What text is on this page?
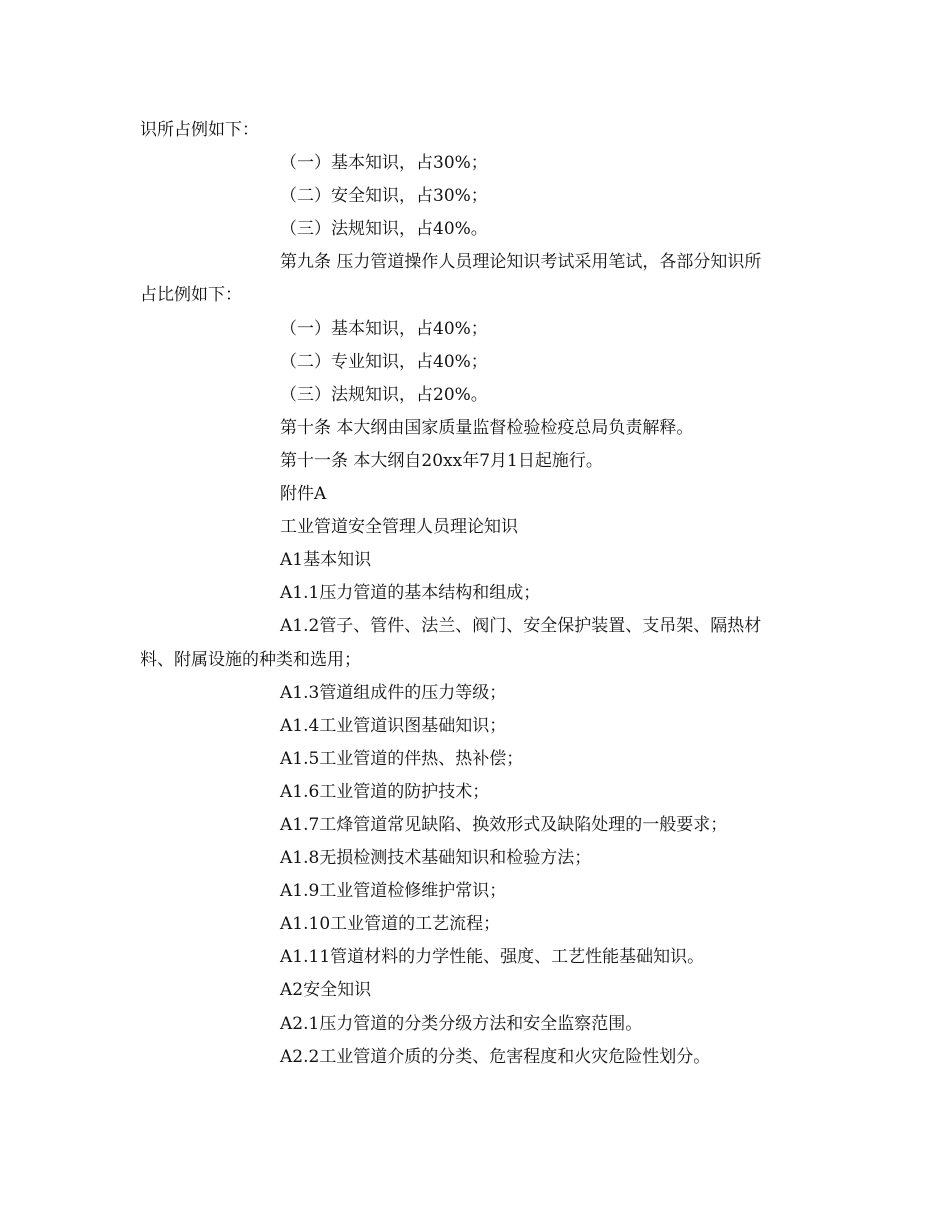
识所占例如下：
（一）基本知识，占30%；
（二）安全知识，占30%；
（三）法规知识，占40%。
第九条 压力管道操作人员理论知识考试采用笔试，各部分知识所
占比例如下：
（一）基本知识，占40%；
（二）专业知识，占40%；
（三）法规知识，占20%。
第十条 本大纲由国家质量监督检验检疫总局负责解释。
第十一条 本大纲自20xx年7月1日起施行。
附件A
工业管道安全管理人员理论知识
A1基本知识
A1.1压力管道的基本结构和组成；
A1.2管子、管件、法兰、阀门、安全保护装置、支吊架、隔热材
料、附属设施的种类和选用；
A1.3管道组成件的压力等级；
A1.4工业管道识图基础知识；
A1.5工业管道的伴热、热补偿；
A1.6工业管道的防护技术；
A1.7工烽管道常见缺陷、换效形式及缺陷处理的一般要求；
A1.8无损检测技术基础知识和检验方法；
A1.9工业管道检修维护常识；
A1.10工业管道的工艺流程；
A1.11管道材料的力学性能、强度、工艺性能基础知识。
A2安全知识
A2.1压力管道的分类分级方法和安全监察范围。
A2.2工业管道介质的分类、危害程度和火灾危险性划分。
